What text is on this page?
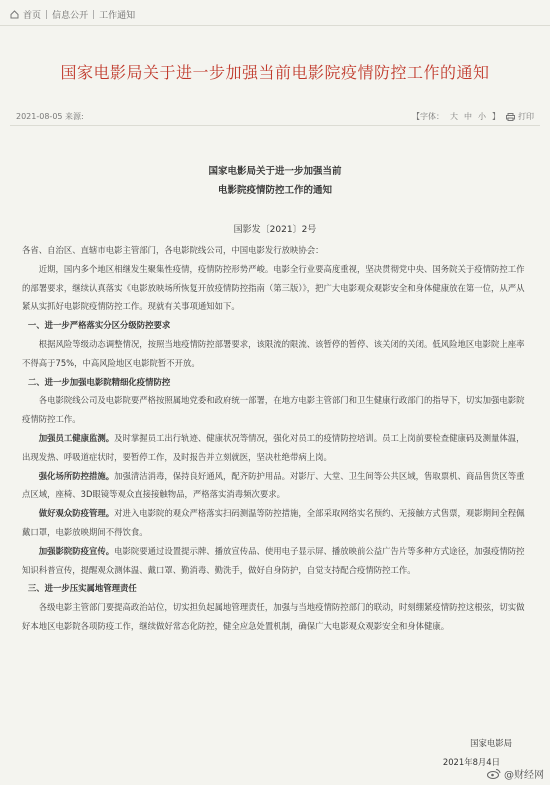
首页 | 信息公开 | 工作通知
国家电影局关于进一步加强当前电影院疫情防控工作的通知
2021-08-05 来源:	【字体： 大 中 小 】 打印
国家电影局关于进一步加强当前
电影院疫情防控工作的通知
国影发〔2021〕2号

各省、自治区、直辖市电影主管部门，各电影院线公司，中国电影发行放映协会：

近期，国内多个地区相继发生聚集性疫情，疫情防控形势严峻。电影全行业要高度重视，坚决贯彻党中央、国务院关于疫情防控工作的部署要求，继续认真落实《电影放映场所恢复开放疫情防控指南（第三版）》，把广大电影观众观影安全和身体健康放在第一位，从严从紧从实抓好电影院疫情防控工作。现就有关事项通知如下。

一、进一步严格落实分区分级防控要求

根据风险等级动态调整情况，按照当地疫情防控部署要求，该限流的限流、该暂停的暂停、该关闭的关闭。低风险地区电影院上座率不得高于75%，中高风险地区电影院暂不开放。

二、进一步加强电影院精细化疫情防控

各电影院线公司及电影院要严格按照属地党委和政府统一部署，在地方电影主管部门和卫生健康行政部门的指导下，切实加强电影院疫情防控工作。

加强员工健康监测。及时掌握员工出行轨迹、健康状况等情况，强化对员工的疫情防控培训。员工上岗前要检查健康码及测量体温，出现发热、呼吸道症状时，要暂停工作，及时报告并立刻就医，坚决杜绝带病上岗。

强化场所防控措施。加强清洁消毒，保持良好通风，配齐防护用品。对影厅、大堂、卫生间等公共区域，售取票机、商品售货区等重点区域，座椅、3D眼镜等观众直接接触物品，严格落实消毒频次要求。

做好观众防疫管理。对进入电影院的观众严格落实扫码测温等防控措施，全部采取网络实名预约、无接触方式售票，观影期间全程佩戴口罩，电影放映期间不得饮食。

加强影院防疫宣传。电影院要通过设置提示牌、播放宣传品、使用电子显示屏、播放映前公益广告片等多种方式途径，加强疫情防控知识科普宣传，提醒观众测体温、戴口罩、勤消毒、勤洗手，做好自身防护，自觉支持配合疫情防控工作。

三、进一步压实属地管理责任

各级电影主管部门要提高政治站位，切实担负起属地管理责任，加强与当地疫情防控部门的联动，时刻绷紧疫情防控这根弦，切实做好本地区电影院各项防疫工作，继续做好常态化防控，健全应急处置机制，确保广大电影观众观影安全和身体健康。

国家电影局
2021年8月4日
@财经网
